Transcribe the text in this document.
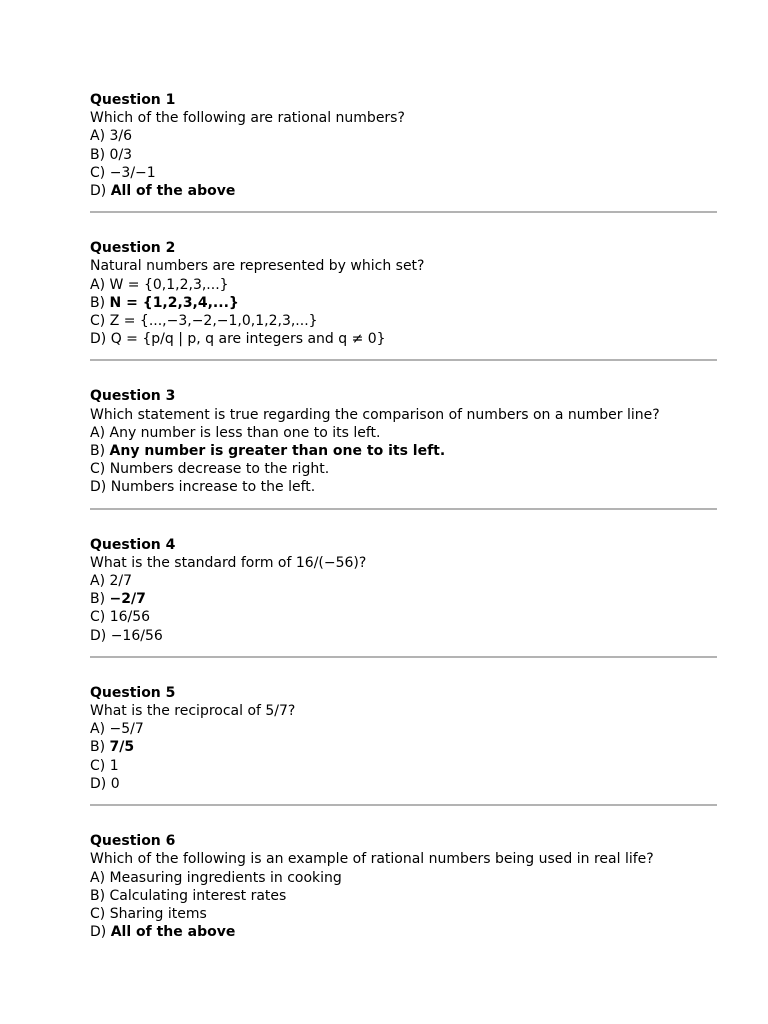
Question 1
Which of the following are rational numbers?
A) 3/6
B) 0/3
C) −3/−1
D) All of the above
Question 2
Natural numbers are represented by which set?
A) W = {0,1,2,3,...}
B) N = {1,2,3,4,...}
C) Z = {...,−3,−2,−1,0,1,2,3,...}
D) Q = {p/q | p, q are integers and q ≠ 0}
Question 3
Which statement is true regarding the comparison of numbers on a number line?
A) Any number is less than one to its left.
B) Any number is greater than one to its left.
C) Numbers decrease to the right.
D) Numbers increase to the left.
Question 4
What is the standard form of 16/(−56)?
A) 2/7
B) −2/7
C) 16/56
D) −16/56
Question 5
What is the reciprocal of 5/7?
A) −5/7
B) 7/5
C) 1
D) 0
Question 6
Which of the following is an example of rational numbers being used in real life?
A) Measuring ingredients in cooking
B) Calculating interest rates
C) Sharing items
D) All of the above
